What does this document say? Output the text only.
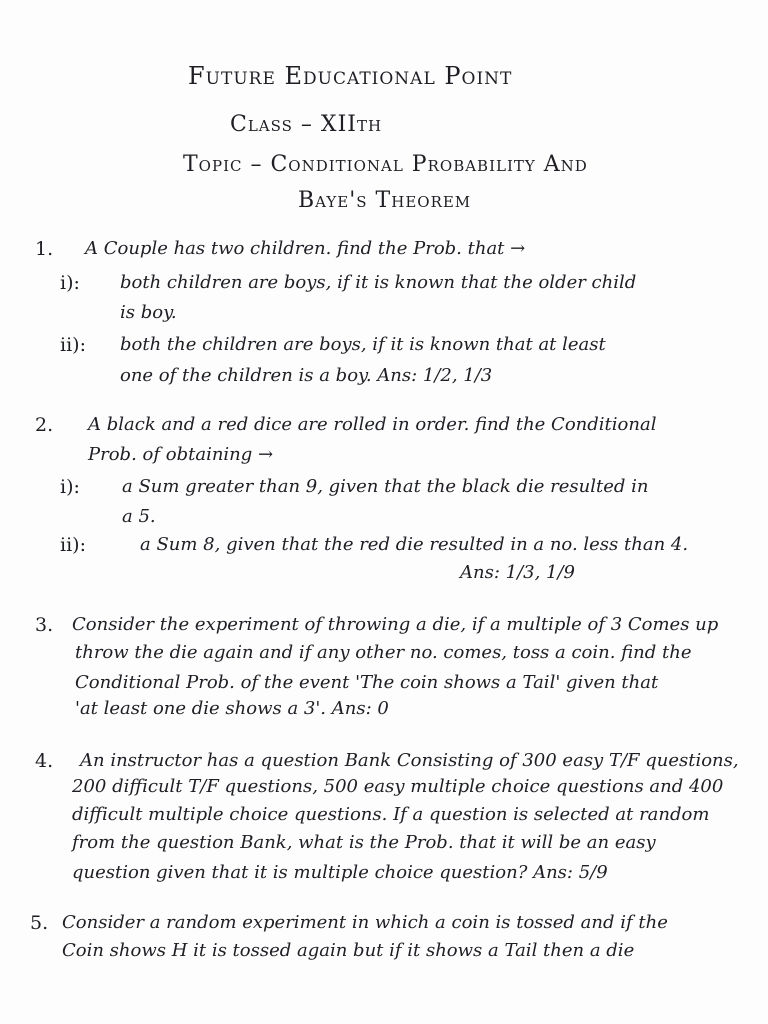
Future Educational Point
Class – XIIth
Topic – Conditional Probability And
Baye's Theorem
1. A Couple has two children. find the Prob. that →
i): both children are boys, if it is known that the older child
is boy.
ii): both the children are boys, if it is known that at least
one of the children is a boy. Ans: 1/2, 1/3
2. A black and a red dice are rolled in order. find the Conditional
Prob. of obtaining →
i): a Sum greater than 9, given that the black die resulted in
a 5.
ii):	a Sum 8, given that the red die resulted in a no. less than 4.
Ans: 1/3, 1/9
3. Consider the experiment of throwing a die, if a multiple of 3 Comes up
throw the die again and if any other no. comes, toss a coin. find the
Conditional Prob. of the event 'The coin shows a Tail' given that
'at least one die shows a 3'. Ans: 0
4. An instructor has a question Bank Consisting of 300 easy T/F questions,
200 difficult T/F questions, 500 easy multiple choice questions and 400
difficult multiple choice questions. If a question is selected at random
from the question Bank, what is the Prob. that it will be an easy
question given that it is multiple choice question? Ans: 5/9
5. Consider a random experiment in which a coin is tossed and if the
Coin shows H it is tossed again but if it shows a Tail then a die
